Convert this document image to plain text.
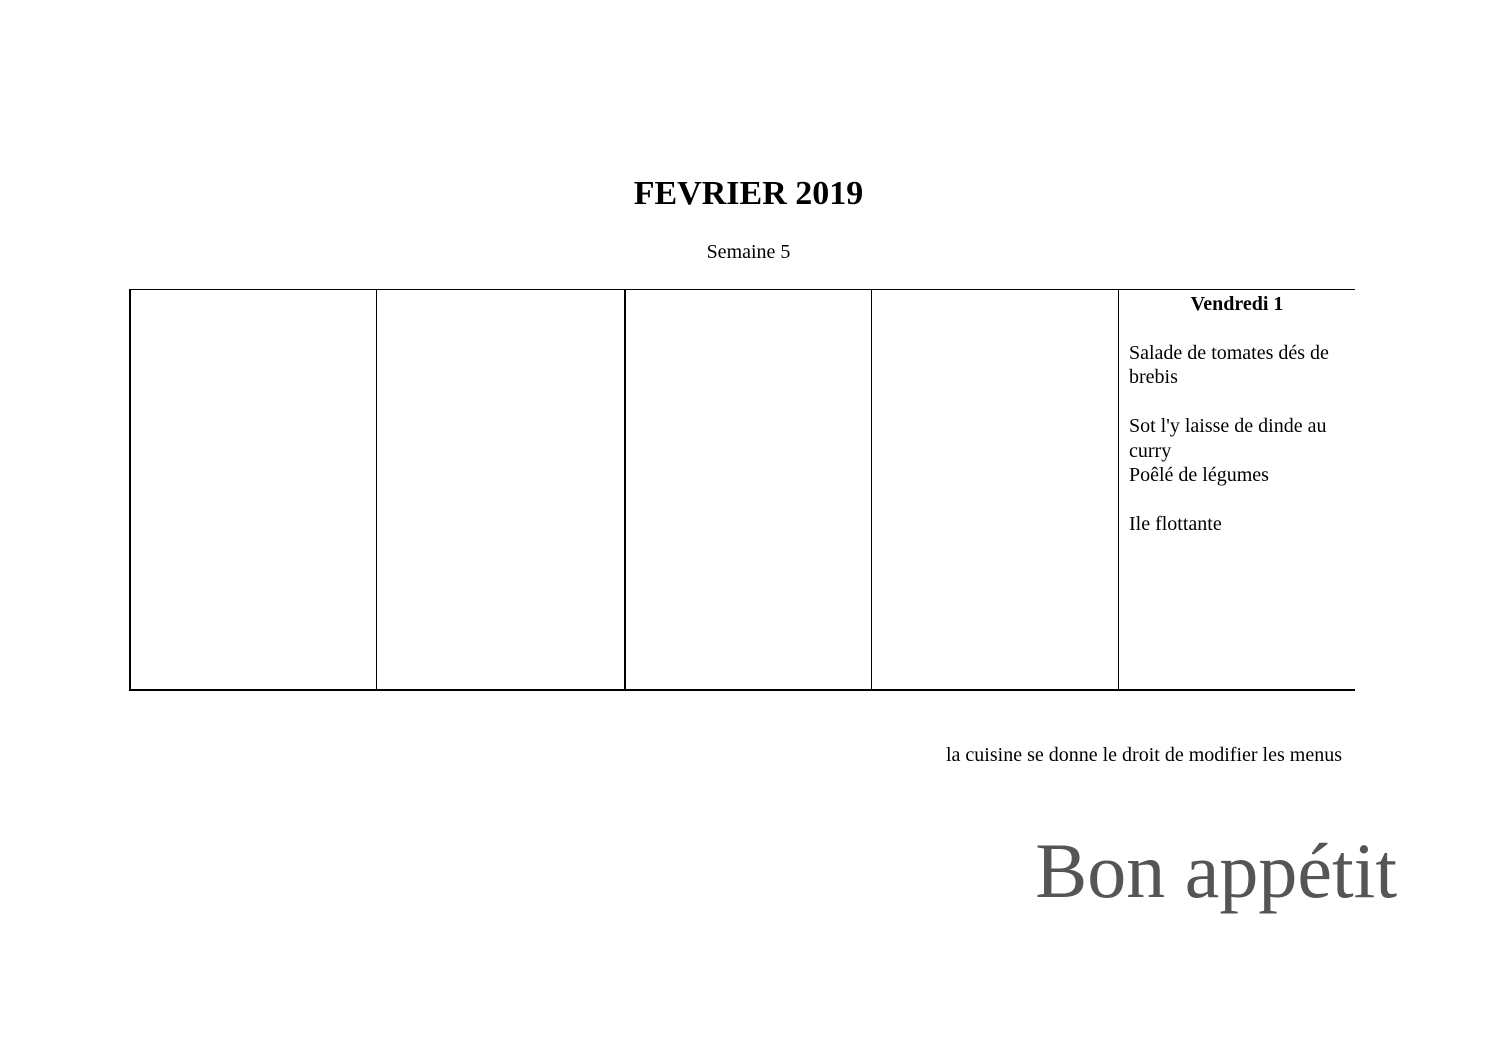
FEVRIER 2019

Semaine 5

Vendredi 1

Salade de tomates dés de brebis

Sot l'y laisse de dinde au curry

Poêlé de légumes

Ile flottante

la cuisine se donne le droit de modifier les menus

Bon appétit
